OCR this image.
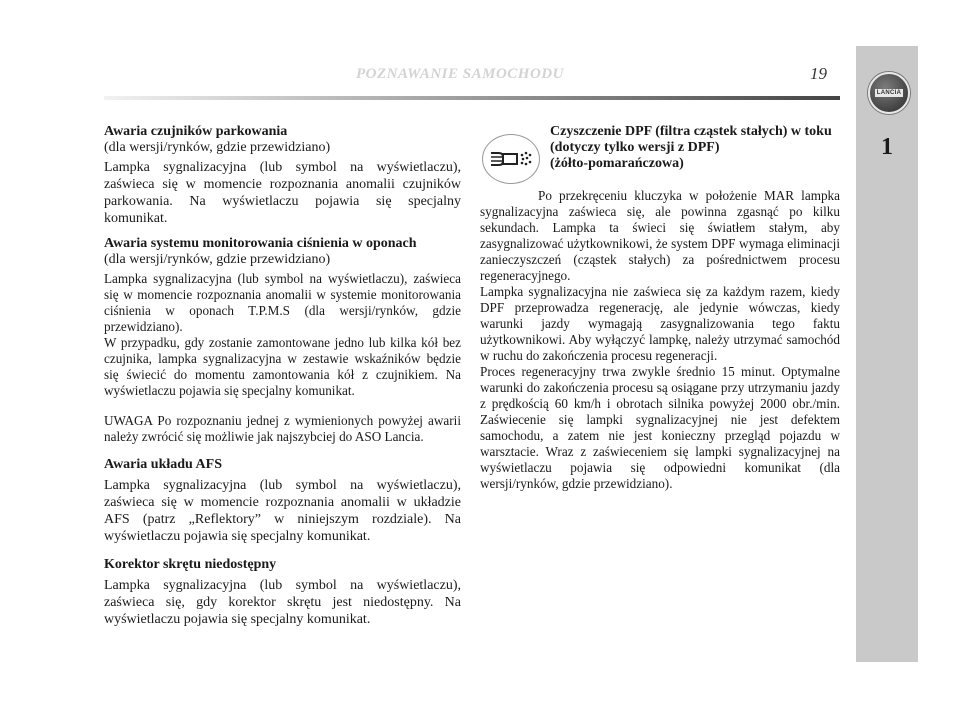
POZNAWANIE SAMOCHODU	19
LANCIA
1
Awaria czujników parkowania
(dla wersji/rynków, gdzie przewidziano)

Lampka sygnalizacyjna (lub symbol na wyświetlaczu), zaświeca się w momencie rozpoznania anomalii czujników parkowania. Na wyświetlaczu pojawia się specjalny komunikat.

Awaria systemu monitorowania ciśnienia w oponach
(dla wersji/rynków, gdzie przewidziano)

Lampka sygnalizacyjna (lub symbol na wyświetlaczu), zaświeca się w momencie rozpoznania anomalii w systemie monitorowania ciśnienia w oponach T.P.M.S (dla wersji/rynków, gdzie przewidziano).

W przypadku, gdy zostanie zamontowane jedno lub kilka kół bez czujnika, lampka sygnalizacyjna w zestawie wskaźników będzie się świecić do momentu zamontowania kół z czujnikiem. Na wyświetlaczu pojawia się specjalny komunikat.

UWAGA Po rozpoznaniu jednej z wymienionych powyżej awarii należy zwrócić się możliwie jak najszybciej do ASO Lancia.

Awaria układu AFS

Lampka sygnalizacyjna (lub symbol na wyświetlaczu), zaświeca się w momencie rozpoznania anomalii w układzie AFS (patrz „Reflektory” w niniejszym rozdziale). Na wyświetlaczu pojawia się specjalny komunikat.

Korektor skrętu niedostępny

Lampka sygnalizacyjna (lub symbol na wyświetlaczu), zaświeca się, gdy korektor skrętu jest niedostępny. Na wyświetlaczu pojawia się specjalny komunikat.

Czyszczenie DPF (filtra cząstek stałych) w toku
(dotyczy tylko wersji z DPF)
(żółto-pomarańczowa)

Po przekręceniu kluczyka w położenie MAR lampka sygnalizacyjna zaświeca się, ale powinna zgasnąć po kilku sekundach. Lampka ta świeci się światłem stałym, aby zasygnalizować użytkownikowi, że system DPF wymaga eliminacji zanieczyszczeń (cząstek stałych) za pośrednictwem procesu regeneracyjnego.

Lampka sygnalizacyjna nie zaświeca się za każdym razem, kiedy DPF przeprowadza regenerację, ale jedynie wówczas, kiedy warunki jazdy wymagają zasygnalizowania tego faktu użytkownikowi. Aby wyłączyć lampkę, należy utrzymać samochód w ruchu do zakończenia procesu regeneracji.

Proces regeneracyjny trwa zwykle średnio 15 minut. Optymalne warunki do zakończenia procesu są osiągane przy utrzymaniu jazdy z prędkością 60 km/h i obrotach silnika powyżej 2000 obr./min. Zaświecenie się lampki sygnalizacyjnej nie jest defektem samochodu, a zatem nie jest konieczny przegląd pojazdu w warsztacie. Wraz z zaświeceniem się lampki sygnalizacyjnej na wyświetlaczu pojawia się odpowiedni komunikat (dla wersji/rynków, gdzie przewidziano).
